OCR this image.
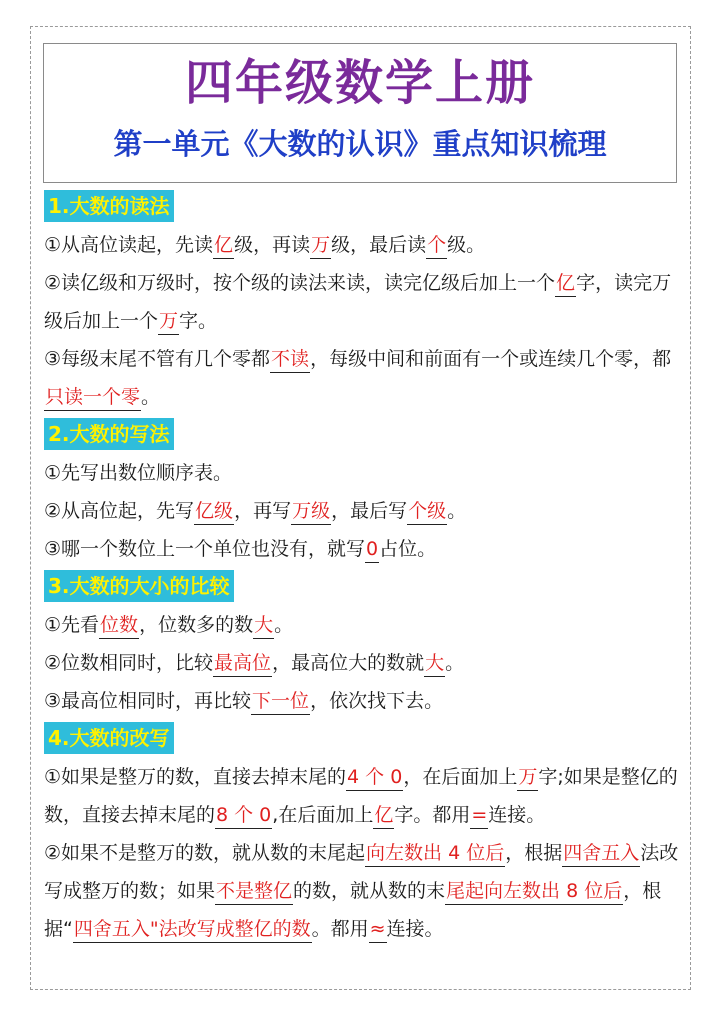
四年级数学上册
第一单元《大数的认识》重点知识梳理
1.大数的读法

①从高位读起，先读亿级，再读万级，最后读个级。

②读亿级和万级时，按个级的读法来读，读完亿级后加上一个亿字，读完万级后加上一个万字。

③每级末尾不管有几个零都不读，每级中间和前面有一个或连续几个零，都只读一个零。

2.大数的写法

①先写出数位顺序表。

②从高位起，先写亿级，再写万级，最后写个级。

③哪一个数位上一个单位也没有，就写0占位。

3.大数的大小的比较

①先看位数，位数多的数大。

②位数相同时，比较最高位，最高位大的数就大。

③最高位相同时，再比较下一位，依次找下去。

4.大数的改写

①如果是整万的数，直接去掉末尾的4 个 0，在后面加上万字;如果是整亿的数，直接去掉末尾的8 个 0,在后面加上亿字。都用=连接。

②如果不是整万的数，就从数的末尾起向左数出 4 位后，根据四舍五入法改写成整万的数；如果不是整亿的数，就从数的末尾起向左数出 8 位后，根据“四舍五入"法改写成整亿的数。都用≈连接。
